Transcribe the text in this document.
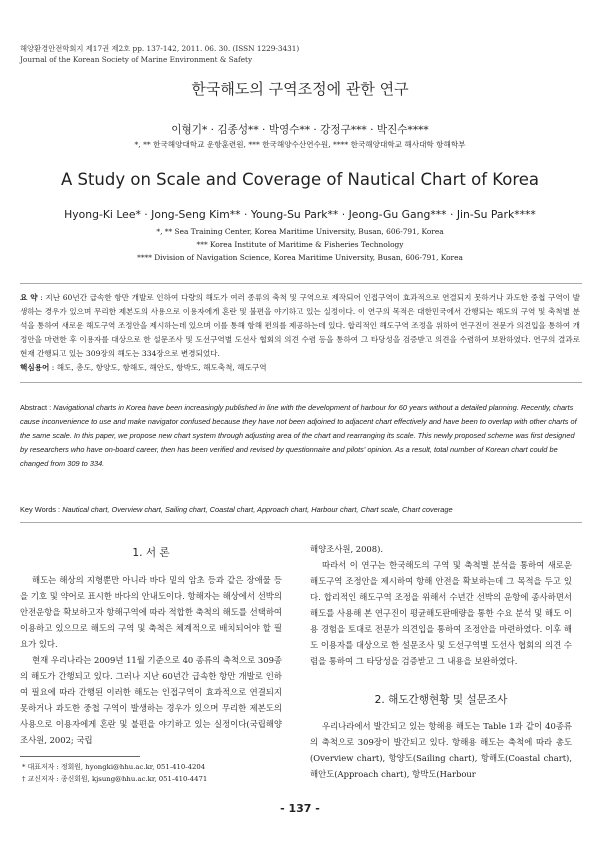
해양환경안전학회지 제17권 제2호 pp. 137-142, 2011. 06. 30. (ISSN 1229-3431)
Journal of the Korean Society of Marine Environment & Safety
한국해도의 구역조정에 관한 연구
이형기* · 김종성** · 박영수** · 강정구*** · 박진수****
*, ** 한국해양대학교 운항훈련원, *** 한국해양수산연수원, **** 한국해양대학교 해사대학 항해학부
A Study on Scale and Coverage of Nautical Chart of Korea
Hyong-Ki Lee* · Jong-Seng Kim** · Young-Su Park** · Jeong-Gu Gang*** · Jin-Su Park****
*, ** Sea Training Center, Korea Maritime University, Busan, 606-791, Korea
*** Korea Institute of Maritime & Fisheries Technology
**** Division of Navigation Science, Korea Maritime University, Busan, 606-791, Korea
요 약 : 지난 60년간 급속한 항만 개발로 인하여 다량의 해도가 여러 종류의 축척 및 구역으로 제작되어 인접구역이 효과적으로 연결되지 못하거나 과도한 중첩 구역이 발생하는 경우가 있으며 무리한 제본도의 사용으로 이용자에게 혼란 및 불편을 야기하고 있는 실정이다. 이 연구의 목적은 대한민국에서 간행되는 해도의 구역 및 축척별 분석을 통하여 새로운 해도구역 조정안을 제시하는데 있으며 이를 통해 항해 편의를 제공하는데 있다. 합리적인 해도구역 조정을 위하여 연구진이 전문가 의견입을 통하여 개정안을 마련한 후 이용자를 대상으로 한 설문조사 및 도선구역별 도선사 협회의 의견 수렴 등을 통하여 그 타당성을 검증받고 의견을 수렴하여 보완하였다. 연구의 결과로 현재 간행되고 있는 309장의 해도는 334장으로 변경되었다.
핵심용어 : 해도, 총도, 항양도, 항해도, 해안도, 항박도, 해도축척, 해도구역
Abstract : Navigational charts in Korea have been increasingly published in line with the development of harbour for 60 years without a detailed planning. Recently, charts cause inconvenience to use and make navigator confused because they have not been adjoined to adjacent chart effectively and have been to overlap with other charts of the same scale. In this paper, we propose new chart system through adjusting area of the chart and rearranging its scale. This newly proposed scheme was first designed by researchers who have on-board career, then has been verified and revised by questionnaire and pilots' opinion. As a result, total number of Korean chart could be changed from 309 to 334.
Key Words : Nautical chart, Overview chart, Sailing chart, Coastal chart, Approach chart, Harbour chart, Chart scale, Chart coverage
1. 서 론
해도는 해상의 지형뿐만 아니라 바다 밑의 암초 등과 같은 장애물 등을 기호 및 약어로 표시한 바다의 안내도이다. 항해자는 해상에서 선박의 안전운항을 확보하고자 항해구역에 따라 적합한 축척의 해도를 선택하여 이용하고 있으므로 해도의 구역 및 축척은 체계적으로 배치되어야 할 필요가 있다.
현재 우리나라는 2009년 11월 기준으로 40 종류의 축척으로 309종의 해도가 간행되고 있다. 그러나 지난 60년간 급속한 항만 개발로 인하여 필요에 따라 간행된 이러한 해도는 인접구역이 효과적으로 연결되지 못하거나 과도한 중첩 구역이 발생하는 경우가 있으며 무리한 제본도의 사용으로 이용자에게 혼란 및 불편을 야기하고 있는 실정이다(국립해양조사원, 2002; 국립
* 대표저자 : 정회원, hyongki@hhu.ac.kr, 051-410-4204
† 교신저자 : 종신회원, kjsung@hhu.ac.kr, 051-410-4471
해양조사원, 2008).
따라서 이 연구는 한국해도의 구역 및 축척별 분석을 통하여 새로운 해도구역 조정안을 제시하여 항해 안전을 확보하는데 그 목적을 두고 있다. 합리적인 해도구역 조정을 위해서 수년간 선박의 운항에 종사하면서 해도를 사용해 본 연구진이 평균해도판매량을 통한 수요 분석 및 해도 이용 경험을 토대로 전문가 의견입을 통하여 조정안을 마련하였다. 이후 해도 이용자를 대상으로 한 설문조사 및 도선구역별 도선사 협회의 의견 수렴을 통하여 그 타당성을 검증받고 그 내용을 보완하였다.
2. 해도간행현황 및 설문조사
우리나라에서 발간되고 있는 항해용 해도는 Table 1과 같이 40종류의 축척으로 309장이 발간되고 있다. 항해용 해도는 축척에 따라 총도(Overview chart), 항양도(Sailing chart), 항해도(Coastal chart), 해안도(Approach chart), 항박도(Harbour
- 137 -
